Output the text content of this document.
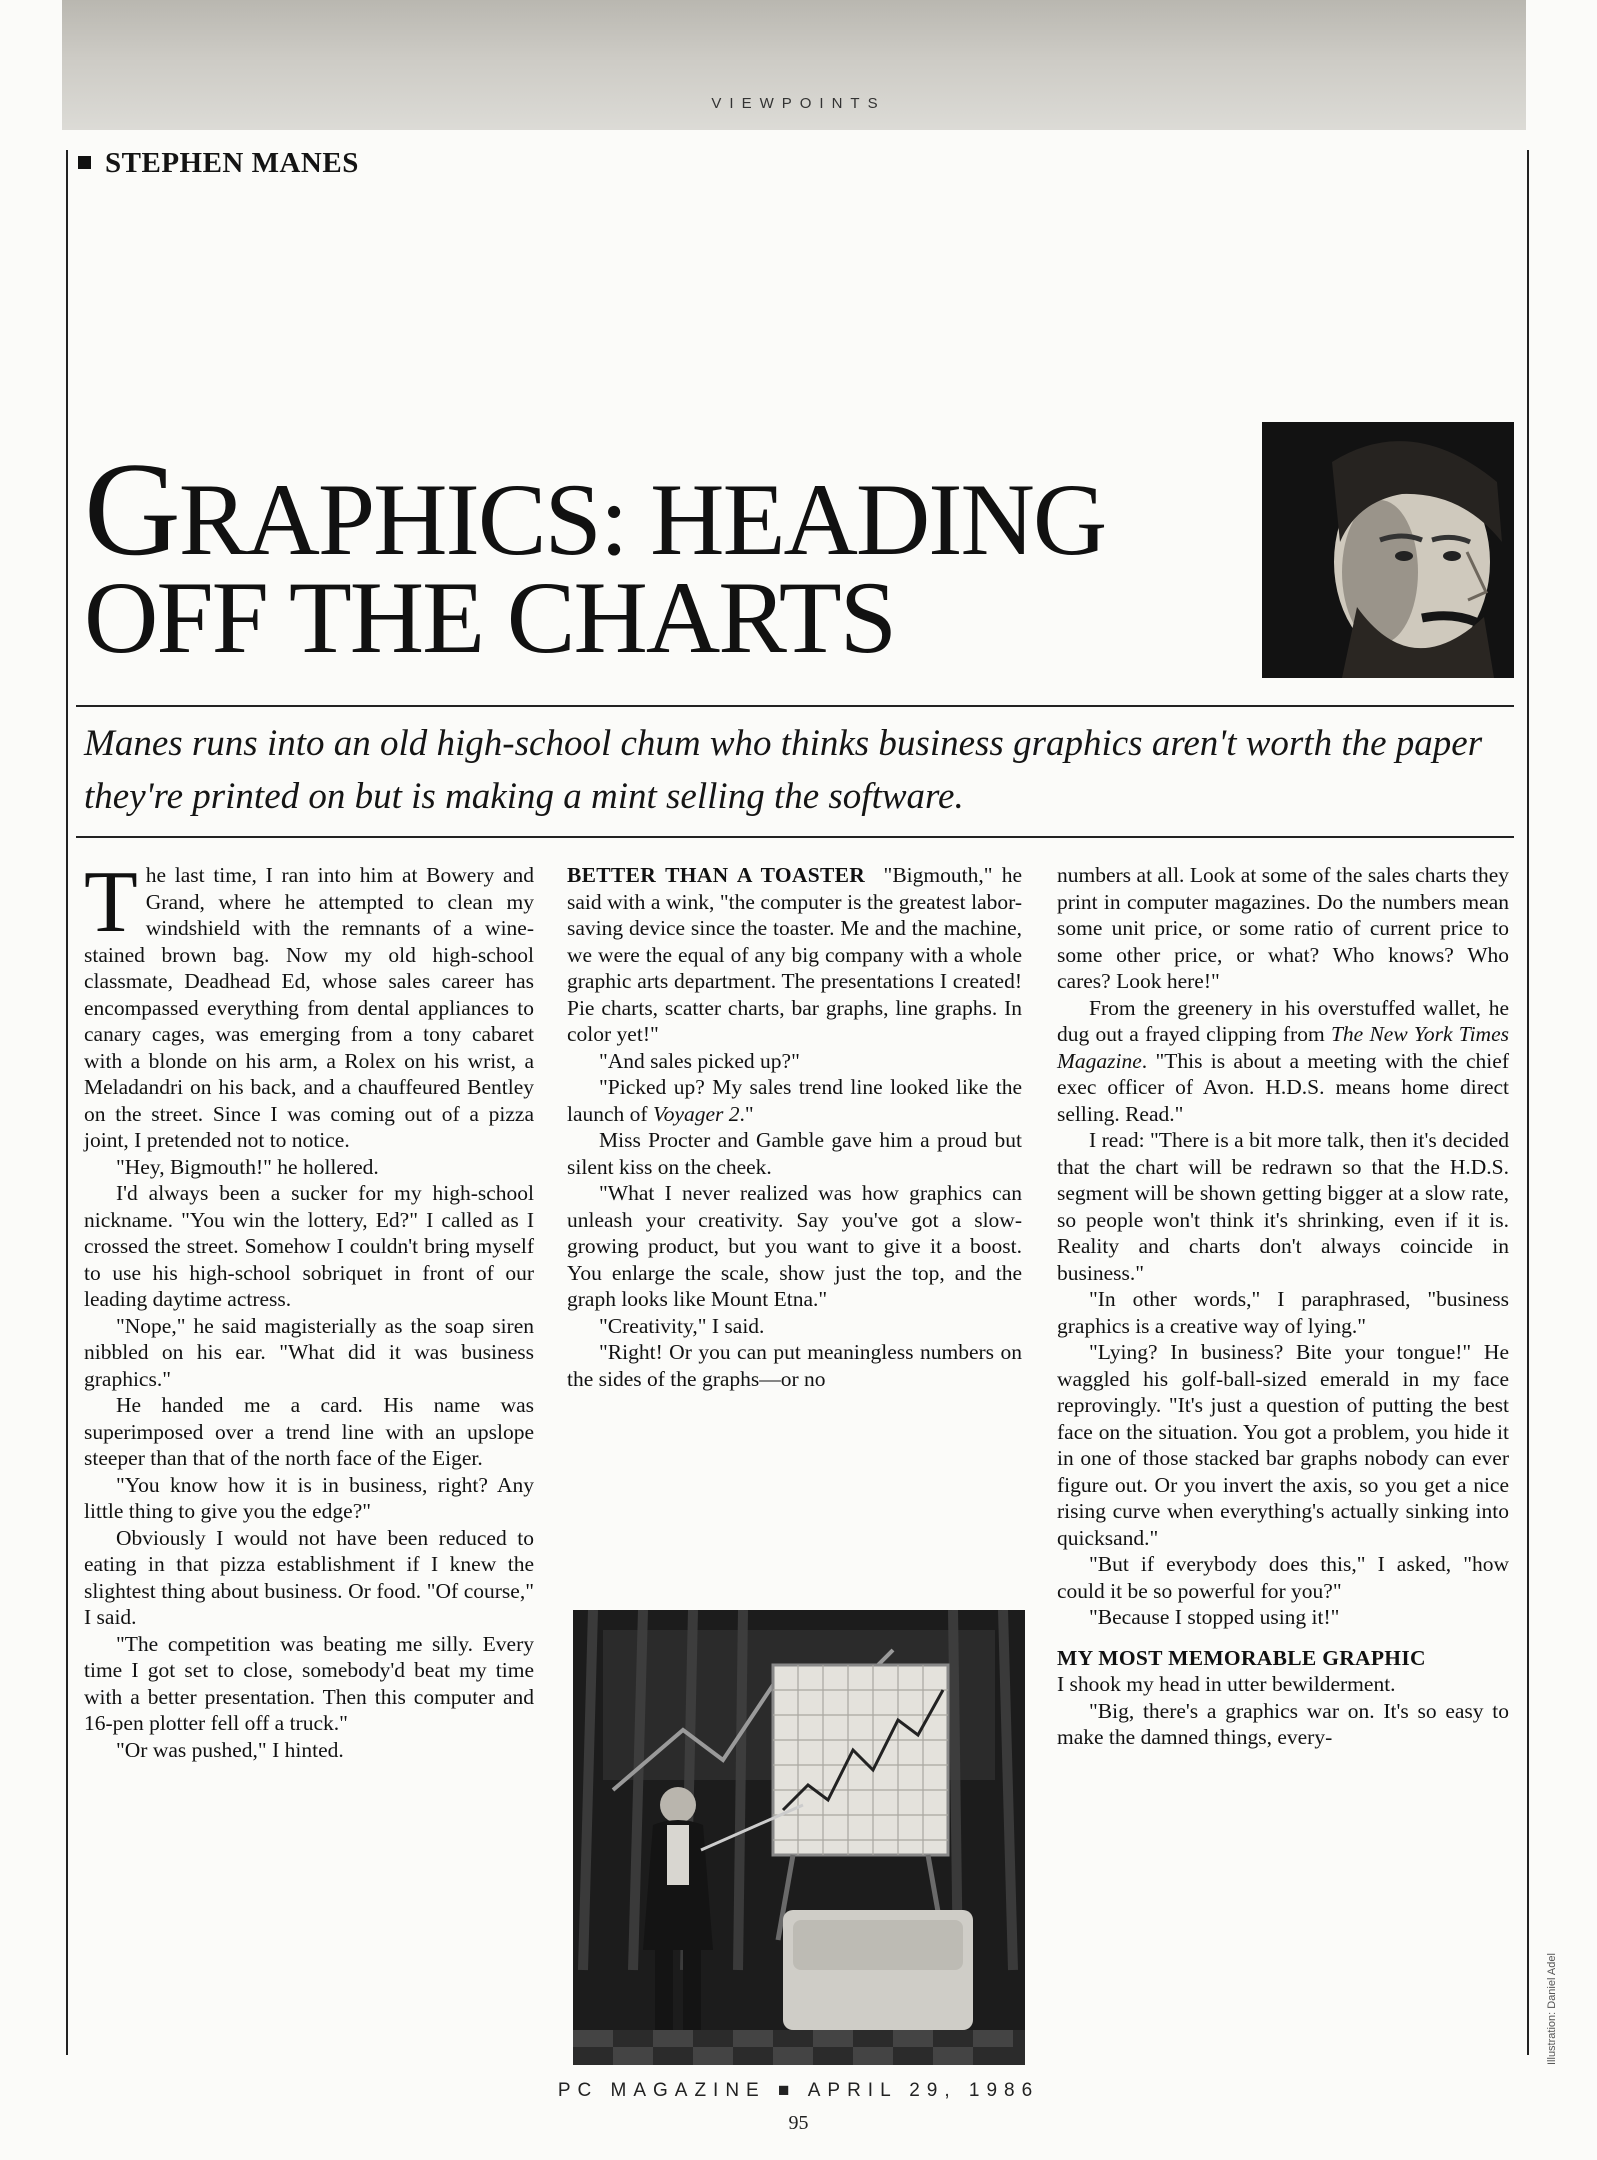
VIEWPOINTS
STEPHEN MANES
GRAPHICS: HEADING
OFF THE CHARTS
Manes runs into an old high-school chum who thinks business graphics aren't worth the paper they're printed on but is making a mint selling the software.

The last time, I ran into him at Bowery and Grand, where he attempted to clean my windshield with the remnants of a wine-stained brown bag. Now my old high-school classmate, Deadhead Ed, whose sales career has encompassed everything from dental appliances to canary cages, was emerging from a tony cabaret with a blonde on his arm, a Rolex on his wrist, a Meladandri on his back, and a chauffeured Bentley on the street. Since I was coming out of a pizza joint, I pretended not to notice.

"Hey, Bigmouth!" he hollered.

I'd always been a sucker for my high-school nickname. "You win the lottery, Ed?" I called as I crossed the street. Somehow I couldn't bring myself to use his high-school sobriquet in front of our leading daytime actress.

"Nope," he said magisterially as the soap siren nibbled on his ear. "What did it was business graphics."

He handed me a card. His name was superimposed over a trend line with an upslope steeper than that of the north face of the Eiger.

"You know how it is in business, right? Any little thing to give you the edge?"

Obviously I would not have been reduced to eating in that pizza establishment if I knew the slightest thing about business. Or food. "Of course," I said.

"The competition was beating me silly. Every time I got set to close, somebody'd beat my time with a better presentation. Then this computer and 16-pen plotter fell off a truck."

"Or was pushed," I hinted.

BETTER THAN A TOASTER "Bigmouth," he said with a wink, "the computer is the greatest labor-saving device since the toaster. Me and the machine, we were the equal of any big company with a whole graphic arts department. The presentations I created! Pie charts, scatter charts, bar graphs, line graphs. In color yet!"

"And sales picked up?"

"Picked up? My sales trend line looked like the launch of Voyager 2."

Miss Procter and Gamble gave him a proud but silent kiss on the cheek.

"What I never realized was how graphics can unleash your creativity. Say you've got a slow-growing product, but you want to give it a boost. You enlarge the scale, show just the top, and the graph looks like Mount Etna."

"Creativity," I said.

"Right! Or you can put meaningless numbers on the sides of the graphs—or no

numbers at all. Look at some of the sales charts they print in computer magazines. Do the numbers mean some unit price, or some ratio of current price to some other price, or what? Who knows? Who cares? Look here!"

From the greenery in his overstuffed wallet, he dug out a frayed clipping from The New York Times Magazine. "This is about a meeting with the chief exec officer of Avon. H.D.S. means home direct selling. Read."

I read: "There is a bit more talk, then it's decided that the chart will be redrawn so that the H.D.S. segment will be shown getting bigger at a slow rate, so people won't think it's shrinking, even if it is. Reality and charts don't always coincide in business."

"In other words," I paraphrased, "business graphics is a creative way of lying."

"Lying? In business? Bite your tongue!" He waggled his golf-ball-sized emerald in my face reprovingly. "It's just a question of putting the best face on the situation. You got a problem, you hide it in one of those stacked bar graphs nobody can ever figure out. Or you invert the axis, so you get a nice rising curve when everything's actually sinking into quicksand."

"But if everybody does this," I asked, "how could it be so powerful for you?"

"Because I stopped using it!"

MY MOST MEMORABLE GRAPHIC

I shook my head in utter bewilderment.

"Big, there's a graphics war on. It's so easy to make the damned things, every-

Illustration: Daniel Adel
PC MAGAZINE ■ APRIL 29, 1986
95
